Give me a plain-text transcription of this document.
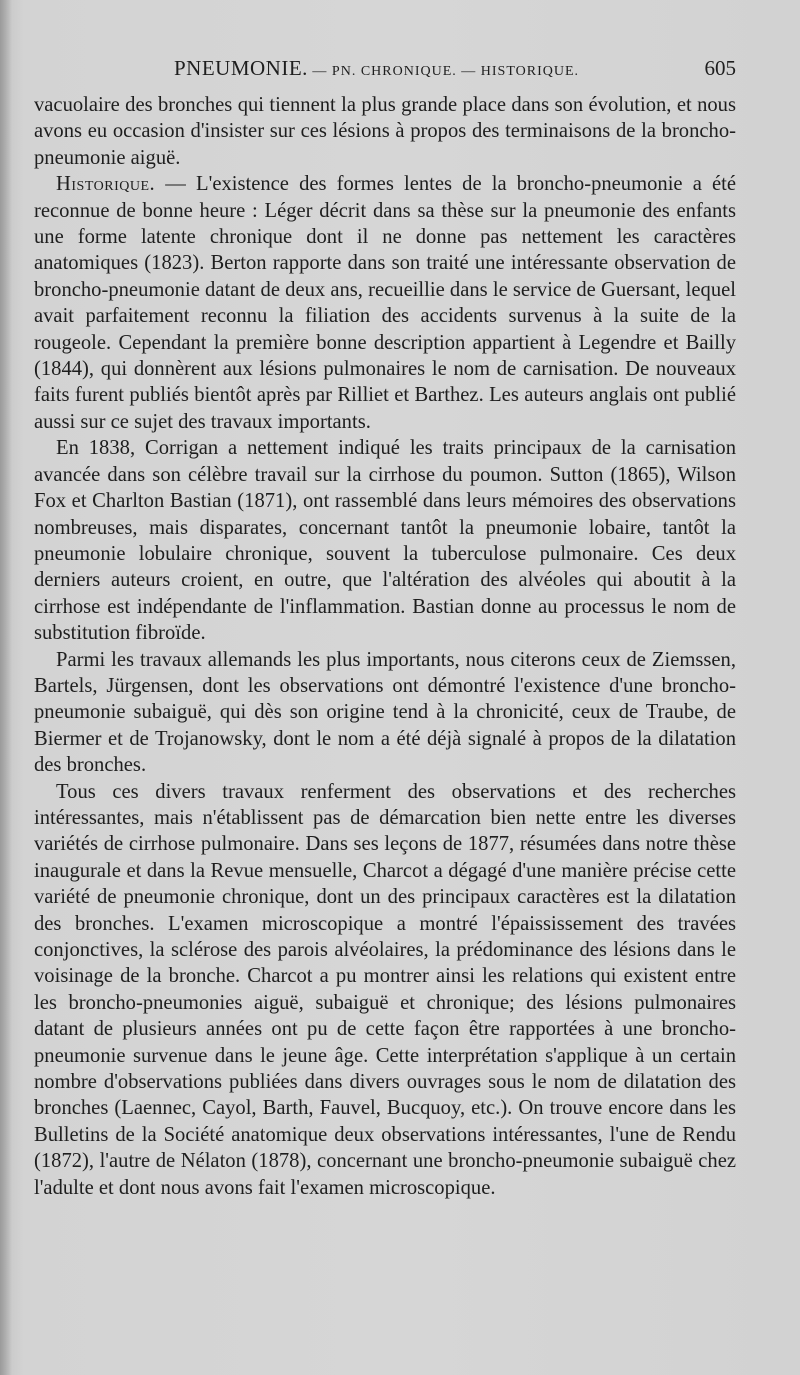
PNEUMONIE. — PN. CHRONIQUE. — HISTORIQUE.	605

vacuolaire des bronches qui tiennent la plus grande place dans son évolution, et nous avons eu occasion d'insister sur ces lésions à propos des terminaisons de la broncho-pneumonie aiguë.

Historique. — L'existence des formes lentes de la broncho-pneumonie a été reconnue de bonne heure : Léger décrit dans sa thèse sur la pneumonie des enfants une forme latente chronique dont il ne donne pas nettement les caractères anatomiques (1823). Berton rapporte dans son traité une intéressante observation de broncho-pneumonie datant de deux ans, recueillie dans le service de Guersant, lequel avait parfaitement reconnu la filiation des accidents survenus à la suite de la rougeole. Cependant la première bonne description appartient à Legendre et Bailly (1844), qui donnèrent aux lésions pulmonaires le nom de carnisation. De nouveaux faits furent publiés bientôt après par Rilliet et Barthez. Les auteurs anglais ont publié aussi sur ce sujet des travaux importants.

En 1838, Corrigan a nettement indiqué les traits principaux de la carnisation avancée dans son célèbre travail sur la cirrhose du poumon. Sutton (1865), Wilson Fox et Charlton Bastian (1871), ont rassemblé dans leurs mémoires des observations nombreuses, mais disparates, concernant tantôt la pneumonie lobaire, tantôt la pneumonie lobulaire chronique, souvent la tuberculose pulmonaire. Ces deux derniers auteurs croient, en outre, que l'altération des alvéoles qui aboutit à la cirrhose est indépendante de l'inflammation. Bastian donne au processus le nom de substitution fibroïde.

Parmi les travaux allemands les plus importants, nous citerons ceux de Ziemssen, Bartels, Jürgensen, dont les observations ont démontré l'existence d'une broncho-pneumonie subaiguë, qui dès son origine tend à la chronicité, ceux de Traube, de Biermer et de Trojanowsky, dont le nom a été déjà signalé à propos de la dilatation des bronches.

Tous ces divers travaux renferment des observations et des recherches intéressantes, mais n'établissent pas de démarcation bien nette entre les diverses variétés de cirrhose pulmonaire. Dans ses leçons de 1877, résumées dans notre thèse inaugurale et dans la Revue mensuelle, Charcot a dégagé d'une manière précise cette variété de pneumonie chronique, dont un des principaux caractères est la dilatation des bronches. L'examen microscopique a montré l'épaississement des travées conjonctives, la sclérose des parois alvéolaires, la prédominance des lésions dans le voisinage de la bronche. Charcot a pu montrer ainsi les relations qui existent entre les broncho-pneumonies aiguë, subaiguë et chronique; des lésions pulmonaires datant de plusieurs années ont pu de cette façon être rapportées à une broncho-pneumonie survenue dans le jeune âge. Cette interprétation s'applique à un certain nombre d'observations publiées dans divers ouvrages sous le nom de dilatation des bronches (Laennec, Cayol, Barth, Fauvel, Bucquoy, etc.). On trouve encore dans les Bulletins de la Société anatomique deux observations intéressantes, l'une de Rendu (1872), l'autre de Nélaton (1878), concernant une broncho-pneumonie subaiguë chez l'adulte et dont nous avons fait l'examen microscopique.
